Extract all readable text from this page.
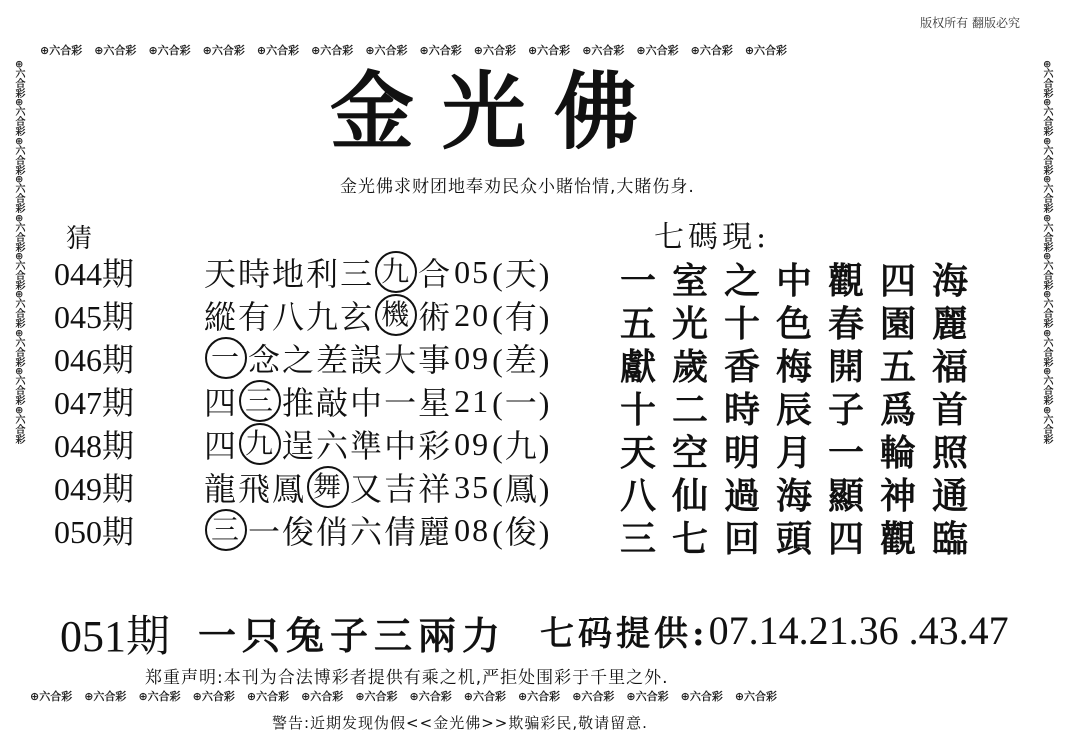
⊕六合彩 ⊕六合彩 ⊕六合彩 ⊕六合彩 ⊕六合彩 ⊕六合彩 ⊕六合彩 ⊕六合彩 ⊕六合彩 ⊕六合彩 ⊕六合彩 ⊕六合彩 ⊕六合彩 ⊕六合彩
⊕六合彩 ⊕六合彩 ⊕六合彩 ⊕六合彩 ⊕六合彩 ⊕六合彩 ⊕六合彩 ⊕六合彩 ⊕六合彩 ⊕六合彩 ⊕六合彩 ⊕六合彩 ⊕六合彩 ⊕六合彩
⊕六合彩⊕六合彩⊕六合彩⊕六合彩⊕六合彩⊕六合彩⊕六合彩⊕六合彩⊕六合彩⊕六合彩
⊕六合彩⊕六合彩⊕六合彩⊕六合彩⊕六合彩⊕六合彩⊕六合彩⊕六合彩⊕六合彩⊕六合彩
版权所有 翻版必究
金光佛
金光佛求财团地奉劝民众小賭怡情,大賭伤身.
猜
044期	天 時 地 利 三 九 合 05 (天)
045期	縱 有 八 九 玄 機 術 20 (有)
046期	一 念 之 差 誤 大 事 09 (差)
047期	四 三 推 敲 中 一 星 21 (一)
048期	四 九 逞 六 準 中 彩 09 (九)
049期	龍 飛 鳳 舞 又 吉 祥 35 (鳳)
050期	三 一 俊 俏 六 倩 麗 08 (俊)
七碼現:
一 室 之 中 觀 四 海
五 光 十 色 春 園 麗
獻 歲 香 梅 開 五 福
十 二 時 辰 子 爲 首
天 空 明 月 一 輪 照
八 仙 過 海 顯 神 通
三 七 回 頭 四 觀 臨
051期 一只兔子三兩力 七码提供: 07.14.21.36 .43.47
郑重声明:本刊为合法博彩者提供有乘之机,严拒处围彩于千里之外.
警告:近期发现伪假<<金光佛>>欺骗彩民,敬请留意.
